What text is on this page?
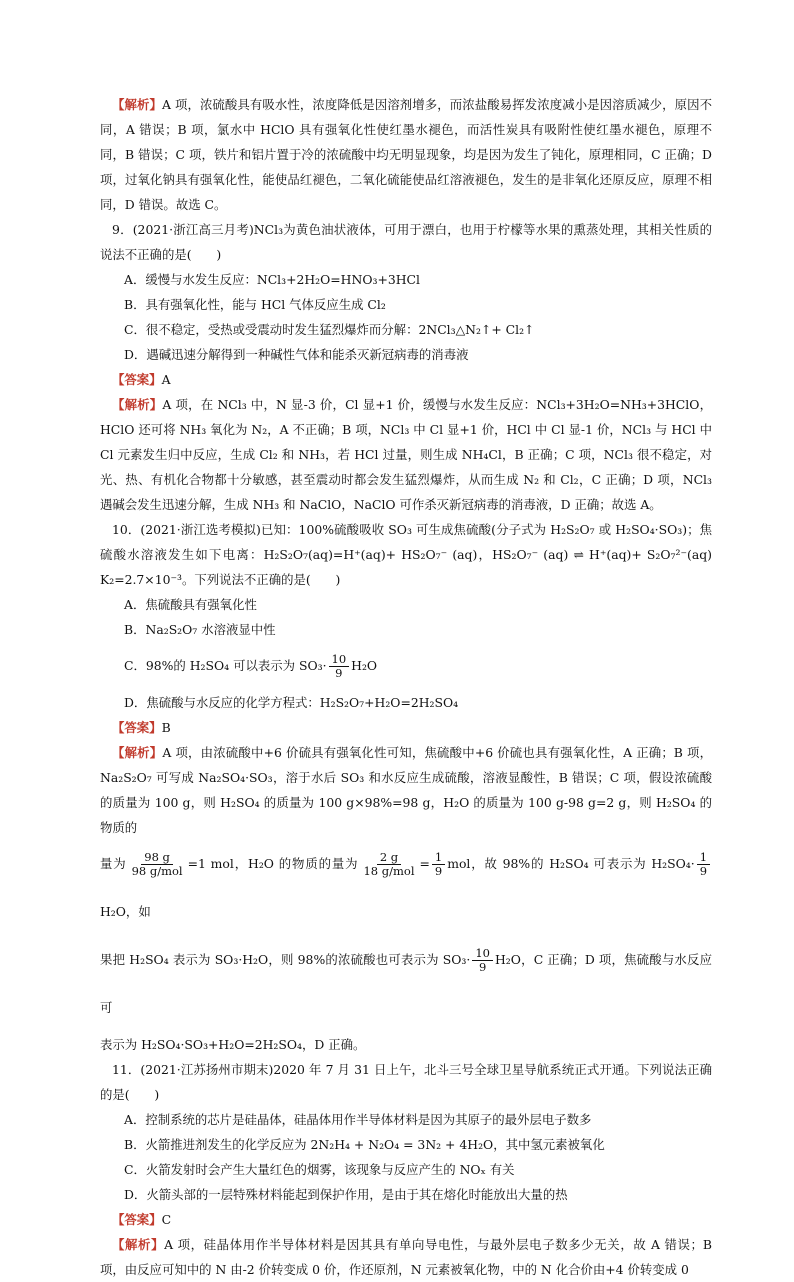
【解析】A 项，浓硫酸具有吸水性，浓度降低是因溶剂增多，而浓盐酸易挥发浓度减小是因溶质减少，原因不同，A 错误；B 项，氯水中 HClO 具有强氧化性使红墨水褪色，而活性炭具有吸附性使红墨水褪色，原理不同，B 错误；C 项，铁片和铝片置于冷的浓硫酸中均无明显现象，均是因为发生了钝化，原理相同，C 正确；D 项，过氧化钠具有强氧化性，能使品红褪色，二氧化硫能使品红溶液褪色，发生的是非氧化还原反应，原理不相同，D 错误。故选 C。

9．(2021·浙江高三月考)NCl₃为黄色油状液体，可用于漂白，也用于柠檬等水果的熏蒸处理，其相关性质的说法不正确的是(　　)

A．缓慢与水发生反应：NCl₃+2H₂O=HNO₃+3HCl

B．具有强氧化性，能与 HCl 气体反应生成 Cl₂

C．很不稳定，受热或受震动时发生猛烈爆炸而分解：2NCl₃△N₂↑+ Cl₂↑

D．遇碱迅速分解得到一种碱性气体和能杀灭新冠病毒的消毒液

【答案】A

【解析】A 项，在 NCl₃ 中，N 显-3 价，Cl 显+1 价，缓慢与水发生反应：NCl₃+3H₂O=NH₃+3HClO，HClO 还可将 NH₃ 氧化为 N₂，A 不正确；B 项，NCl₃ 中 Cl 显+1 价，HCl 中 Cl 显-1 价，NCl₃ 与 HCl 中 Cl 元素发生归中反应，生成 Cl₂ 和 NH₃，若 HCl 过量，则生成 NH₄Cl，B 正确；C 项，NCl₃ 很不稳定，对光、热、有机化合物都十分敏感，甚至震动时都会发生猛烈爆炸，从而生成 N₂ 和 Cl₂，C 正确；D 项，NCl₃ 遇碱会发生迅速分解，生成 NH₃ 和 NaClO，NaClO 可作杀灭新冠病毒的消毒液，D 正确；故选 A。

10．(2021·浙江选考模拟)已知：100%硫酸吸收 SO₃ 可生成焦硫酸(分子式为 H₂S₂O₇ 或 H₂SO₄·SO₃)；焦硫酸水溶液发生如下电离：H₂S₂O₇(aq)=H⁺(aq)+ HS₂O₇⁻ (aq)，HS₂O₇⁻ (aq) ⇌ H⁺(aq)+ S₂O₇²⁻(aq)　K₂=2.7×10⁻³。下列说法不正确的是(　　)

A．焦硫酸具有强氧化性

B．Na₂S₂O₇ 水溶液显中性

C．98%的 H₂SO₄ 可以表示为 $SO_3\cdot \frac{10}{9} H_2O$

D．焦硫酸与水反应的化学方程式：H₂S₂O₇+H₂O=2H₂SO₄

【答案】B

【解析】A 项，由浓硫酸中+6 价硫具有强氧化性可知，焦硫酸中+6 价硫也具有强氧化性，A 正确；B 项，Na₂S₂O₇ 可写成 Na₂SO₄·SO₃，溶于水后 SO₃ 和水反应生成硫酸，溶液显酸性，B 错误；C 项，假设浓硫酸的质量为 100 g，则 H₂SO₄ 的质量为 100 g×98%=98 g，H₂O 的质量为 100 g-98 g=2 g，则 H₂SO₄ 的物质的

量为 $\frac{98 g}{\text{98 g/mol}} =1$ mol，H₂O 的物质的量为 $\frac{2 g}{\text{18 g/mol}} = \frac{1}{9}$ mol，故 98%的 H₂SO₄ 可表示为 $H_2SO_4\cdot \frac{1}{9}$
H₂O，如

果把 H₂SO₄ 表示为 SO₃·H₂O，则 98%的浓硫酸也可表示为 $SO_3\cdot \frac{10}{9} H_2O$，C 正确；D 项，焦硫酸与水反应可

表示为 H₂SO₄·SO₃+H₂O=2H₂SO₄，D 正确。

11．(2021·江苏扬州市期末)2020 年 7 月 31 日上午，北斗三号全球卫星导航系统正式开通。下列说法正确的是(　　)

A．控制系统的芯片是硅晶体，硅晶体用作半导体材料是因为其原子的最外层电子数多

B．火箭推进剂发生的化学反应为 2N₂H₄ + N₂O₄ = 3N₂ + 4H₂O，其中氢元素被氧化

C．火箭发射时会产生大量红色的烟雾，该现象与反应产生的 NOₓ 有关

D．火箭头部的一层特殊材料能起到保护作用，是由于其在熔化时能放出大量的热

【答案】C

【解析】A 项，硅晶体用作半导体材料是因其具有单向导电性，与最外层电子数多少无关，故 A 错误；B 项，由反应可知中的 N 由-2 价转变成 0 价，作还原剂，N 元素被氧化物，中的 N 化合价由+4 价转变成 0
